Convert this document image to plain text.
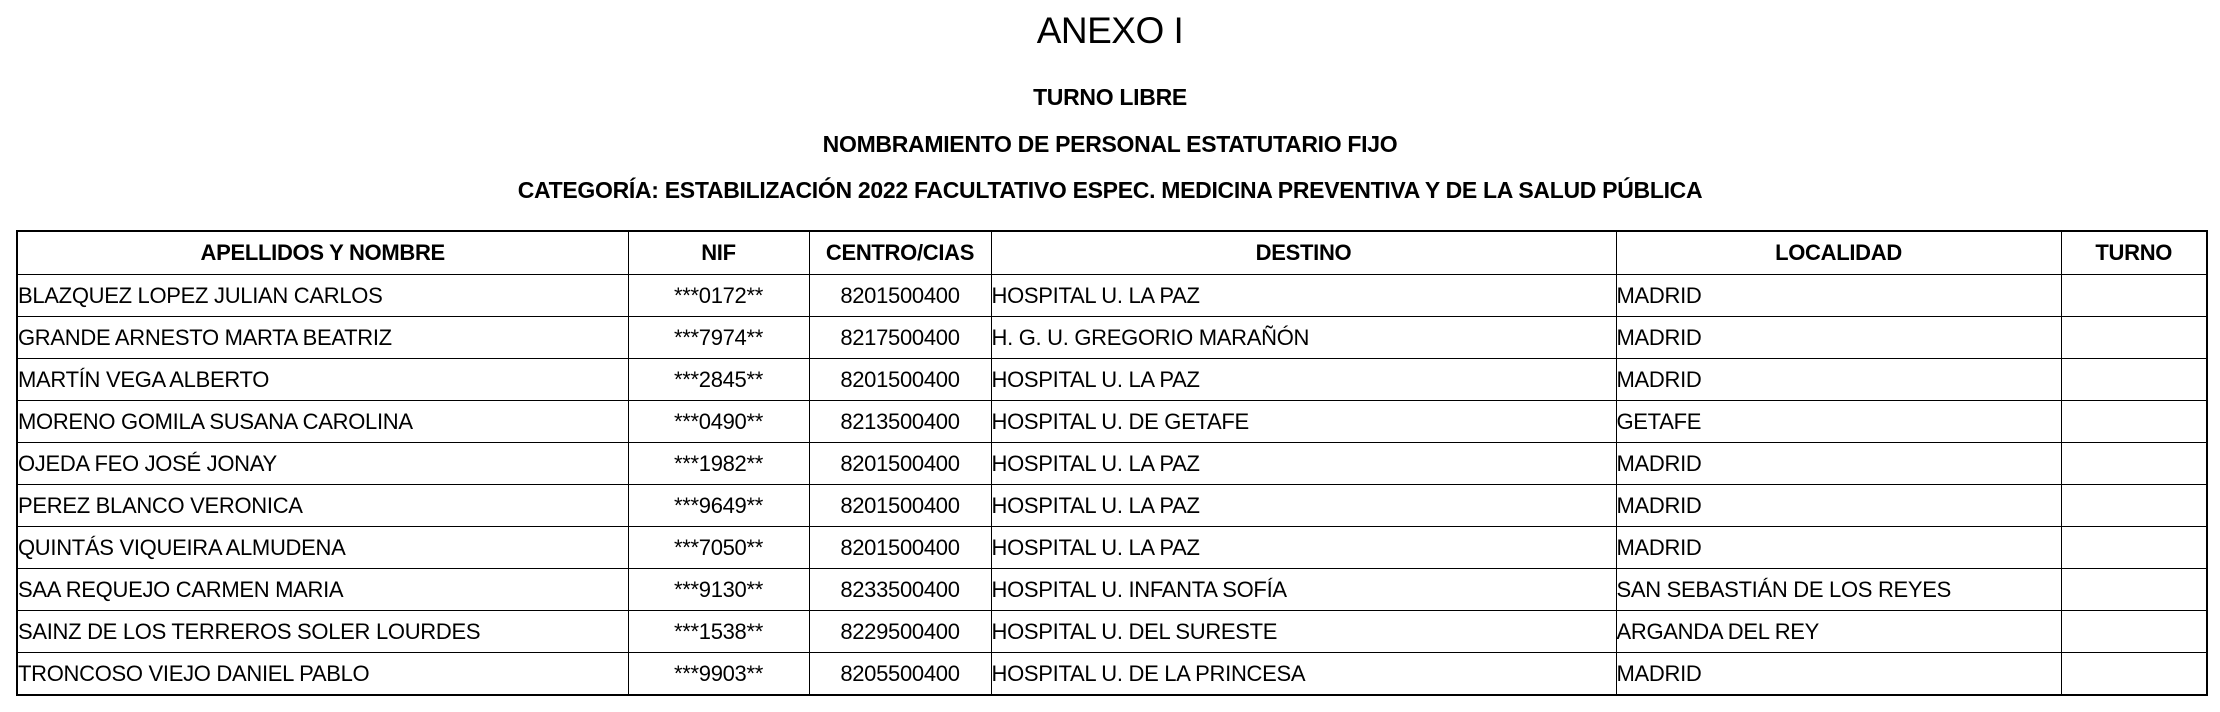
ANEXO I
TURNO LIBRE
NOMBRAMIENTO DE PERSONAL ESTATUTARIO FIJO
CATEGORÍA: ESTABILIZACIÓN 2022 FACULTATIVO ESPEC. MEDICINA PREVENTIVA Y DE LA SALUD PÚBLICA
APELLIDOS Y NOMBRE	NIF	CENTRO/CIAS	DESTINO	LOCALIDAD	TURNO
BLAZQUEZ LOPEZ JULIAN CARLOS	***0172**	8201500400	HOSPITAL U. LA PAZ	MADRID	
GRANDE ARNESTO MARTA BEATRIZ	***7974**	8217500400	H. G. U. GREGORIO MARAÑÓN	MADRID	
MARTÍN VEGA ALBERTO	***2845**	8201500400	HOSPITAL U. LA PAZ	MADRID	
MORENO GOMILA SUSANA CAROLINA	***0490**	8213500400	HOSPITAL U. DE GETAFE	GETAFE	
OJEDA FEO JOSÉ JONAY	***1982**	8201500400	HOSPITAL U. LA PAZ	MADRID	
PEREZ BLANCO VERONICA	***9649**	8201500400	HOSPITAL U. LA PAZ	MADRID	
QUINTÁS VIQUEIRA ALMUDENA	***7050**	8201500400	HOSPITAL U. LA PAZ	MADRID	
SAA REQUEJO CARMEN MARIA	***9130**	8233500400	HOSPITAL U. INFANTA SOFÍA	SAN SEBASTIÁN DE LOS REYES	
SAINZ DE LOS TERREROS SOLER LOURDES	***1538**	8229500400	HOSPITAL U. DEL SURESTE	ARGANDA DEL REY	
TRONCOSO VIEJO DANIEL PABLO	***9903**	8205500400	HOSPITAL U. DE LA PRINCESA	MADRID	
